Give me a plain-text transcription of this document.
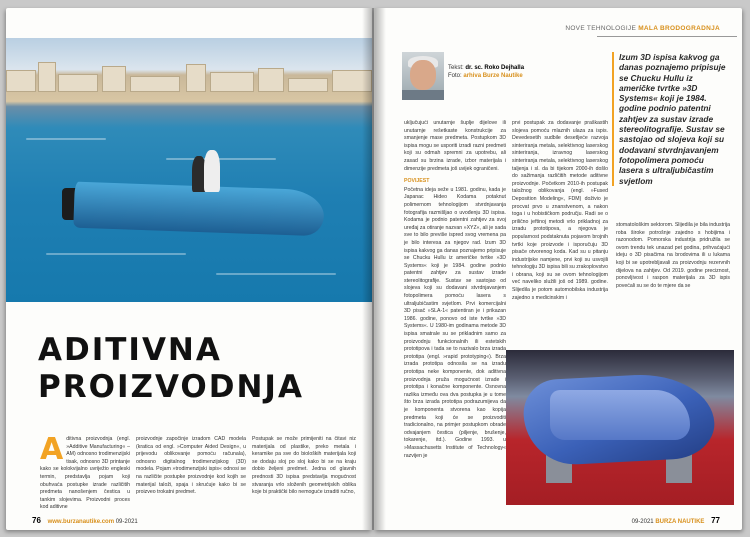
ADITIVNA
PROIZVODNJA
Aditivna proizvodnja (engl. »Additive Manufacturing« – AM) odnosno trodimenzijski tisak, odnosno 3D printanje kako se kolokvijalno uvriježio engleski termin, predstavlja pojam koji obuhvaća postupke izrade različitih predmeta nanošenjem čestica u tankim slojevima. Proizvodni proces kod aditivne
proizvodnje započinje izradom CAD modela (kratica od engl. »Computer Aided Design«, u prijevodu oblikovanje pomoću računala), odnosno digitalnog trodimenzijskog (3D) modela. Pojam »trodimenzijski ispis« odnosi se na različite postupke proizvodnje kod kojih se materijal taloži, spaja i skrućuje kako bi se proizveo trokatni predmet.
Postupak se može primijeniti na čitavi niz materijala od plastike, preko metala i keramike pa sve do bioloških materijala koji se dodaju sloj po sloj kako bi se na kraju dobio željeni predmet. Jedna od glavnih prednosti 3D ispisa predstavlja mogućnost stvaranja vrlo složenih geometrijskih oblika koje bi praktički bilo nemoguće izraditi ručno,
76 www.burzanautike.com 09-2021
NOVE TEHNOLOGIJE MALA BRODOGRADNJA
Tekst: dr. sc. Roko Dejhalla
Foto: arhiva Burze Nautike
Izum 3D ispisa kakvog ga danas poznajemo pripisuje se Chucku Hullu iz američke tvrtke »3D Systems« koji je 1984. godine podnio patentni zahtjev za sustav izrade stereolitografije. Sustav se sastojao od slojeva koji su dodavani stvrdnjavanjem fotopolimera pomoću lasera s ultraljubičastim svjetlom
uključujući unutarnje šuplje dijelove ili unutarnje rešetkaste konstrukcije za smanjenje mase predmeta. Postupkom 3D ispisa mogu se usporiti izradi razni predmeti koji su odmah spremni za upotrebu, ali zasad su brzina izrade, izbor materijala i dimenzije predmeta još uvijek ograničeni.
POVIJEST
Početna ideja seže u 1981. godinu, kada je Japanac Hideo Kodama potaknut polimernom tehnologijom stvrdnjavanja fotografija razmišljao o uvođenju 3D ispisa. Kodama je podnio patentni zahtjev za svoj uređaj za otiranje nazvan »XYZ«, ali je sada sve to bilo previše ispred svog vremena pa je bilo interesa za njegov rad. Izum 3D ispisa kakvog ga danas poznajemo pripisuje se Chucku Hullu iz američke tvrtke »3D Systems« koji je 1984. godine podnio patentni zahtjev za sustav izrade stereolitografije. Sustav se sastojao od slojeva koji su dodavani stvrdnjavanjem fotopolimera pomoću lasera s ultraljubičastim svjetlom. Prvi komercijalni 3D pisač »SLA-1« patentiran je i prikazan 1986. godine, ponovo od iste tvrtke »3D Systems«. U 1980-im godinama metode 3D ispisa smatrale su se prikladnim samo za proizvodnju funkcionalnih ili estetskih prototipova i tada se to nazivalo brza izrada prototipa (engl. »rapid prototyping«). Brza izrada prototipa odnosila se na izradu prototipa neke komponente, dok aditivna proizvodnja pruža mogućnost izrade i prototipa i konačne komponente. Osnovna razlika između ova dva postupka je u tome što brza izrada prototipa podrazumijeva da je komponenta stvorena kao kopija predmeta koji će se proizvoditi tradicionalno, na primjer postupkom obrade odvajanjem čestica (piljenje, brušenje, tokarenje, itd.). Godine 1993. u »Massachusetts Institute of Technology« razvijen je
prvi postupak za dodavanje praškastih slojeva pomoću mlaznih ulaza za ispis. Devedesetih sudbile desetljeće razvoja sinteriranja metala, selektivnog laserskog sinteriranja, izravnog laserskog sinteriranja metala, selektivnog laserskog taljenja i sl. da bi tijekom 2000-ih došlo do sažimanja različitih metode aditivne proizvodnje. Početkom 2010-ih postupak taložnog oblikovanja (engl. »Fused Deposition Modeling«, FDM) doživio je procvat prvo u znanstvenom, a nakon toga i u hobističkom području. Radi se o prilično jeftinoj metodi vrlo prikladnoj za izradu prototipova, a njegova je popularnost podstaknuta pojavom brojnih tvrtki koje proizvode i isporučuju 3D pisače otvorenog koda. Kad su u pitanju industrijske namjene, prvi koji su usvojili tehnologiju 3D ispisa bili su zrakoplovstvo i obrana, koji su se ovom tehnologijom već naveliko služili još od 1989. godine. Slijedila je potom automobilska industrija zajedno s medicinskim i
stomatološkim sektorom. Slijedila je bila industrija roba široke potrošnje zajedno s hobijima i razonodom. Pomorska industrija pridružila se ovom trendu tek unazad pet godina, prihvaćajući ideju o 3D pisačima na brodovima ili u lukama koji bi se upotrebljavali za proizvodnju rezervnih dijelova na zahtjev. Od 2019. godine preciznost, ponovljivost i raspon materijala za 3D ispis povećali su se do te mjere da se
09-2021 BURZA NAUTIKE 77
